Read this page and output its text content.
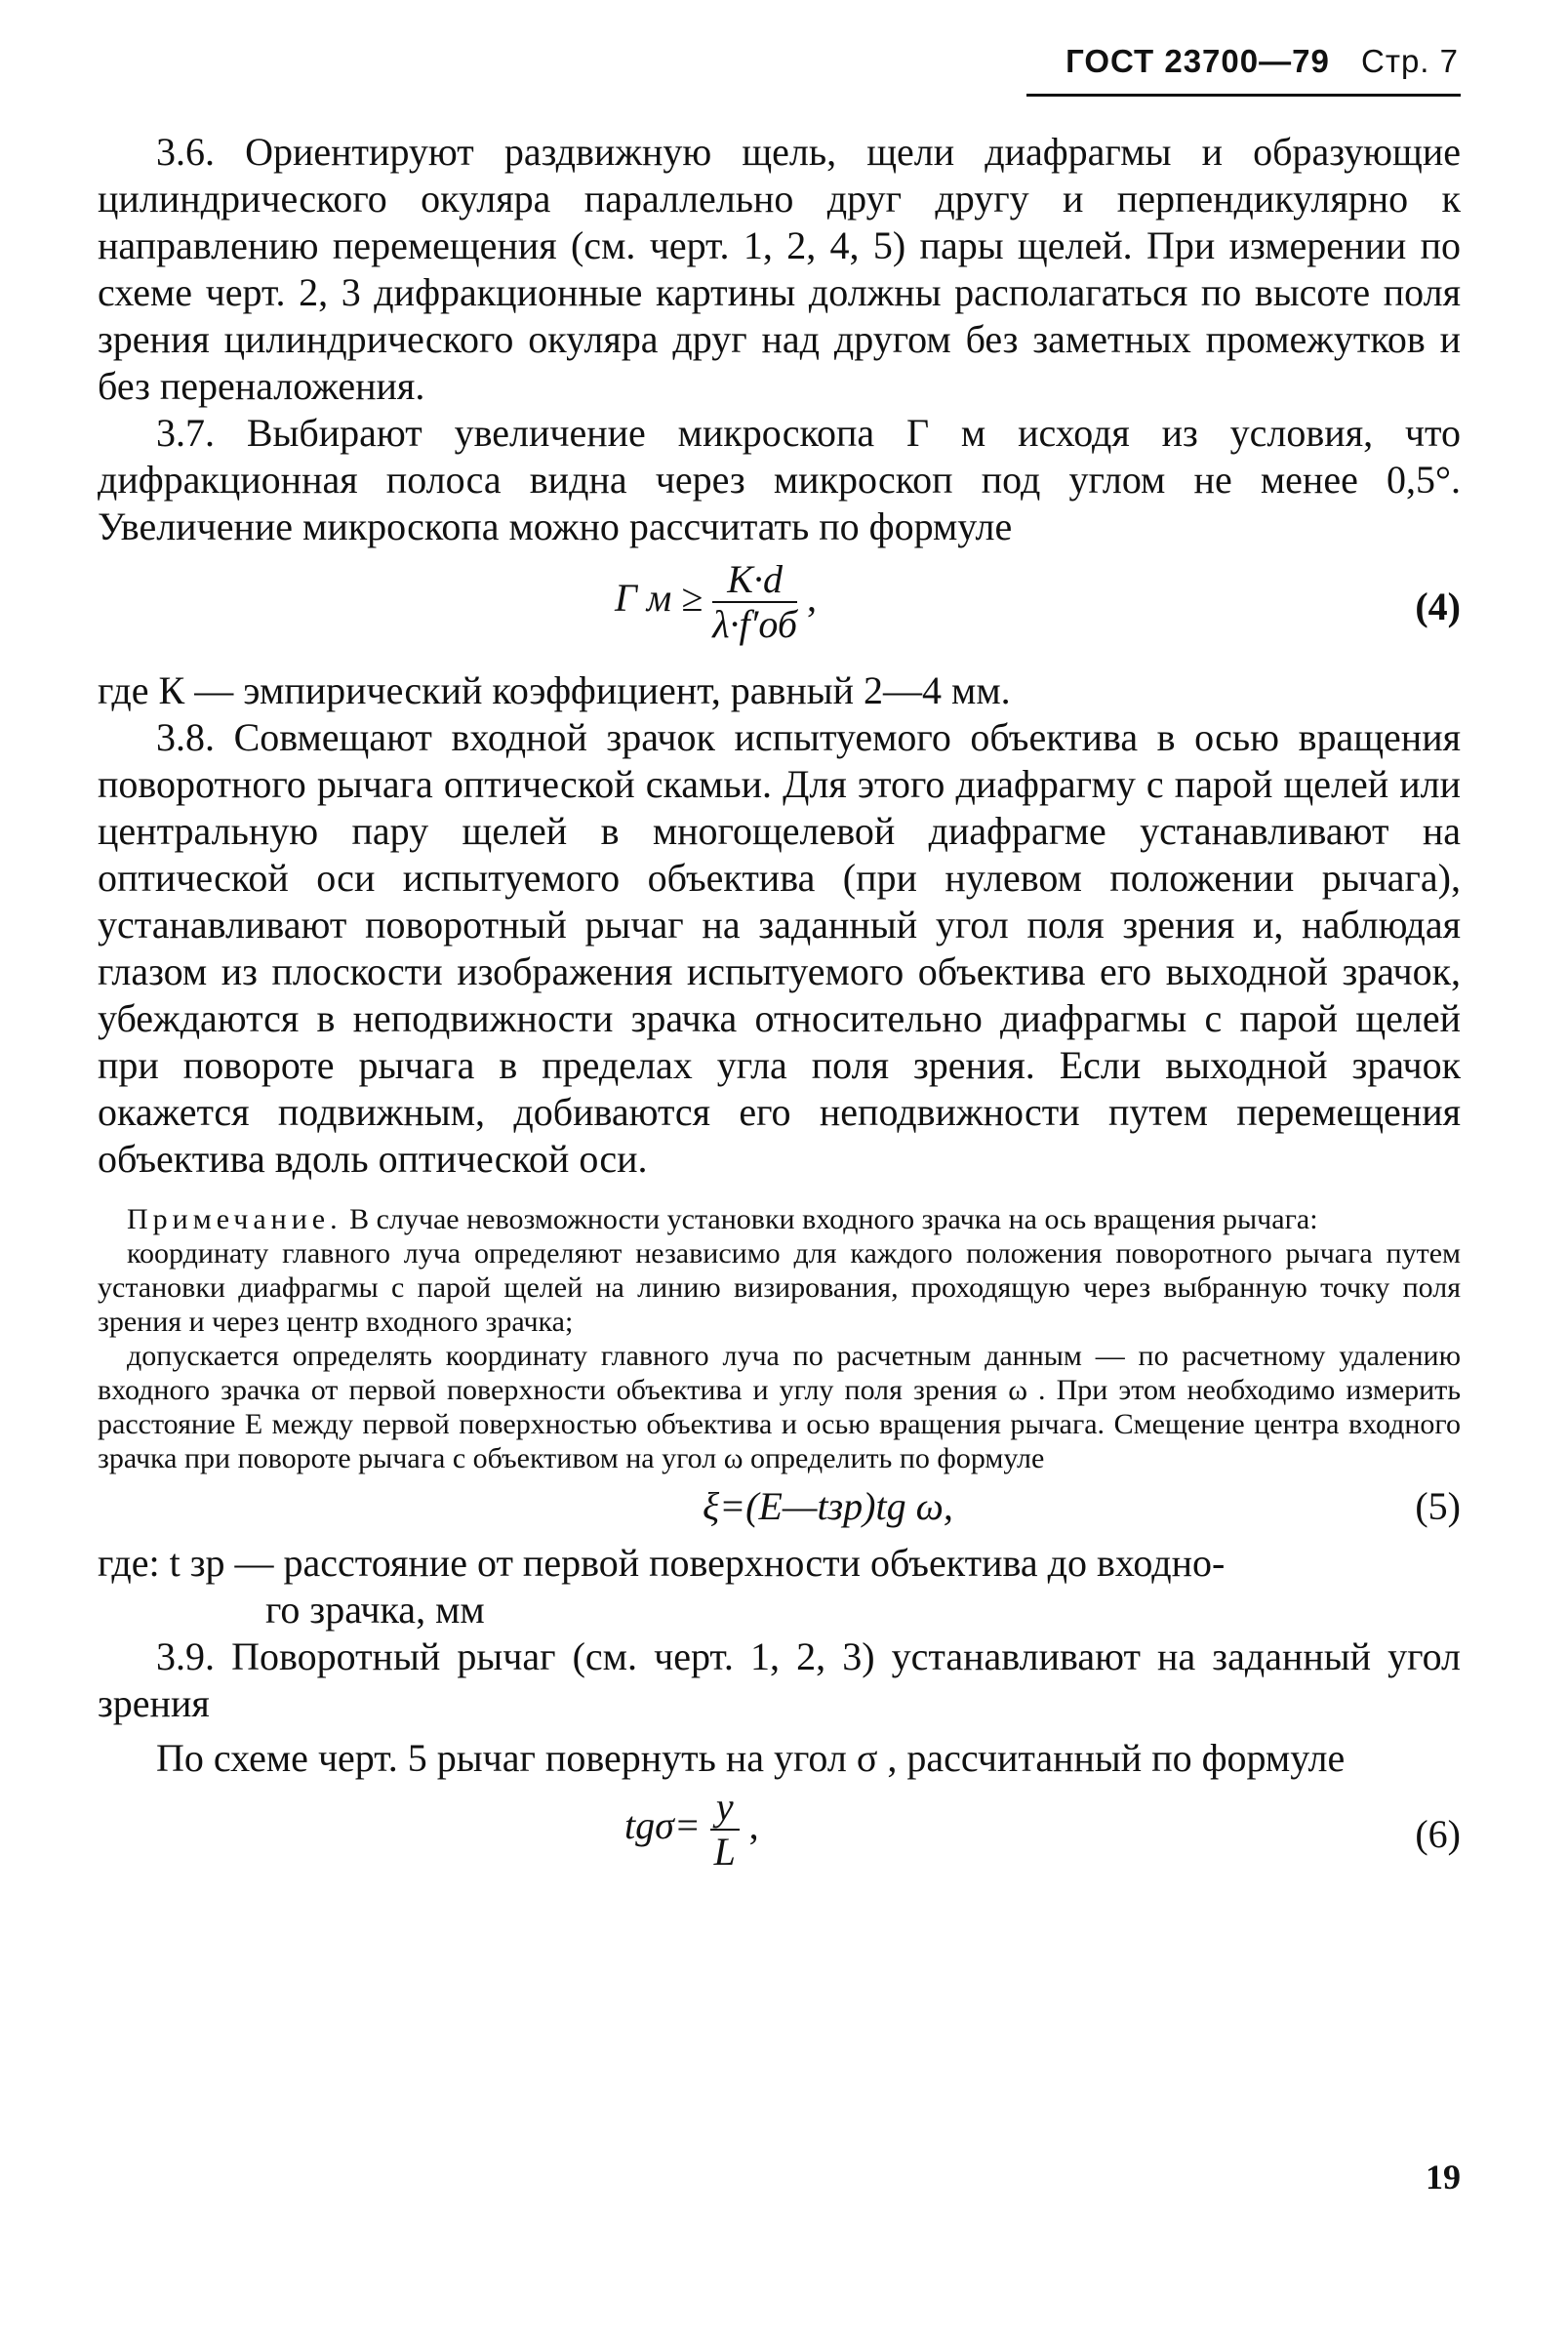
ГОСТ 23700—79 Стр. 7

3.6. Ориентируют раздвижную щель, щели диафрагмы и образующие цилиндрического окуляра параллельно друг другу и перпендикулярно к направлению перемещения (см. черт. 1, 2, 4, 5) пары щелей. При измерении по схеме черт. 2, 3 дифракционные картины должны располагаться по высоте поля зрения цилиндрического окуляра друг над другом без заметных промежутков и без переналожения.

3.7. Выбирают увеличение микроскопа Г м исходя из условия, что дифракционная полоса видна через микроскоп под углом не менее 0,5°. Увеличение микроскопа можно рассчитать по формуле

Г $м \ge \frac{K\cdot d}{\lambda\cdot f'об}$ ,	(4)

где К — эмпирический коэффициент, равный 2—4 мм.

3.8. Совмещают входной зрачок испытуемого объектива в осью вращения поворотного рычага оптической скамьи. Для этого диафрагму с парой щелей или центральную пару щелей в многощелевой диафрагме устанавливают на оптической оси испытуемого объектива (при нулевом положении рычага), устанавливают поворотный рычаг на заданный угол поля зрения и, наблюдая глазом из плоскости изображения испытуемого объектива его выходной зрачок, убеждаются в неподвижности зрачка относительно диафрагмы с парой щелей при повороте рычага в пределах угла поля зрения. Если выходной зрачок окажется подвижным, добиваются его неподвижности путем перемещения объектива вдоль оптической оси.

Примечание. В случае невозможности установки входного зрачка на ось вращения рычага:

координату главного луча определяют независимо для каждого положения поворотного рычага путем установки диафрагмы с парой щелей на линию визирования, проходящую через выбранную точку поля зрения и через центр входного зрачка;

допускается определять координату главного луча по расчетным данным — по расчетному удалению входного зрачка от первой поверхности объектива и углу поля зрения ω . При этом необходимо измерить расстояние E между первой поверхностью объектива и осью вращения рычага. Смещение центра входного зрачка при повороте рычага с объективом на угол ω определить по формуле

ξ=(E—tзр)tg ω,	(5)

где: t зр — расстояние от первой поверхности объектива до входно-

го зрачка, мм

3.9. Поворотный рычаг (см. черт. 1, 2, 3) устанавливают на заданный угол зрения

По схеме черт. 5 рычаг повернуть на угол σ , рассчитанный по формуле

$tg\sigma= \frac{y}{L}$ ,	(6)
19
